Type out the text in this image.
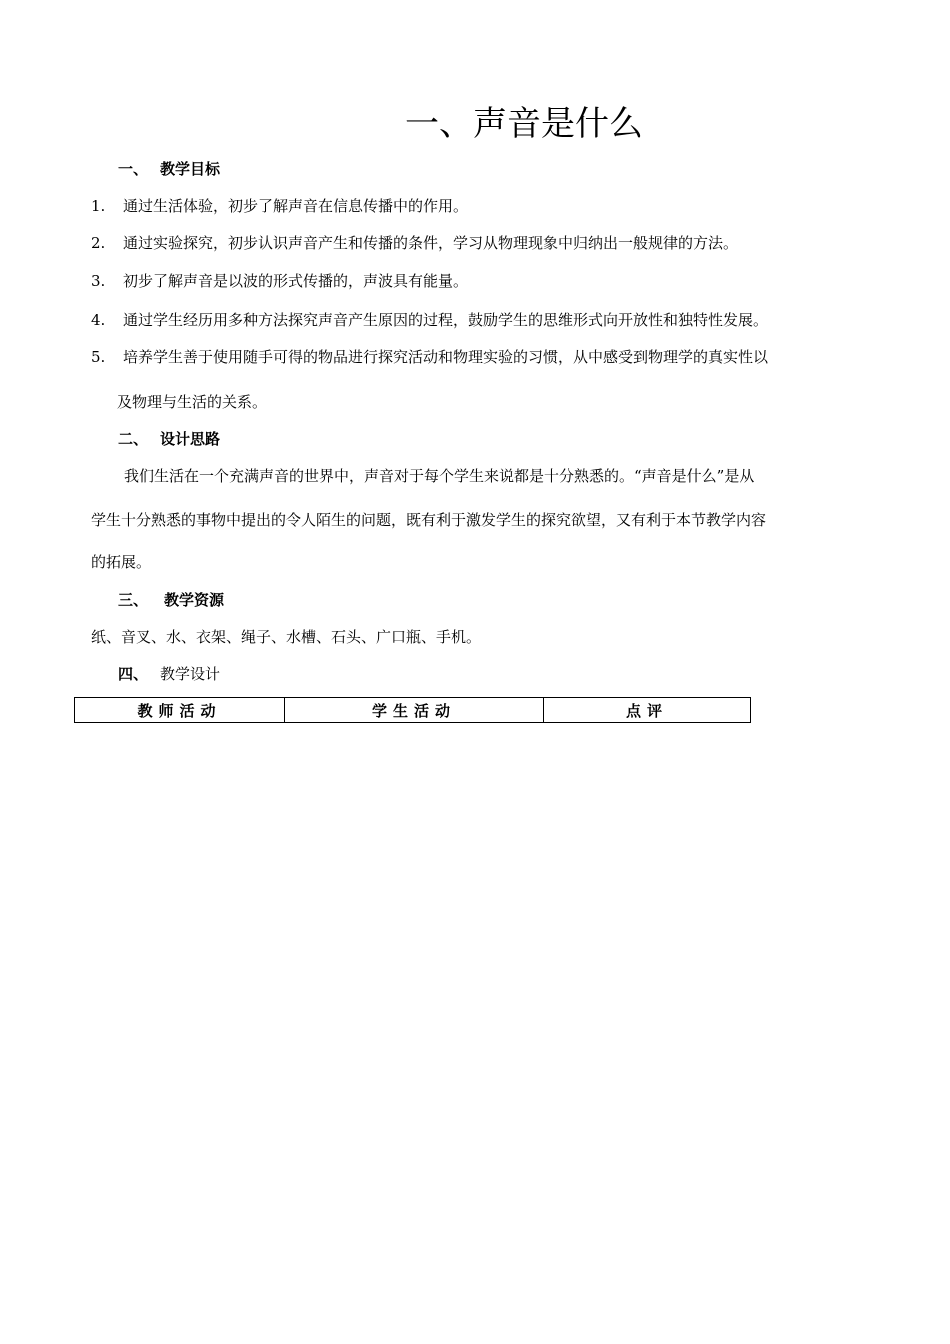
一、声音是什么
一、 教学目标
1. 通过生活体验，初步了解声音在信息传播中的作用。
2. 通过实验探究，初步认识声音产生和传播的条件，学习从物理现象中归纳出一般规律的方法。
3. 初步了解声音是以波的形式传播的，声波具有能量。
4. 通过学生经历用多种方法探究声音产生原因的过程，鼓励学生的思维形式向开放性和独特性发展。
5. 培养学生善于使用随手可得的物品进行探究活动和物理实验的习惯，从中感受到物理学的真实性以
及物理与生活的关系。
二、 设计思路
我们生活在一个充满声音的世界中，声音对于每个学生来说都是十分熟悉的。“声音是什么”是从
学生十分熟悉的事物中提出的令人陌生的问题，既有利于激发学生的探究欲望，又有利于本节教学内容
的拓展。
三、 教学资源
纸、音叉、水、衣架、绳子、水槽、石头、广口瓶、手机。
四、 教学设计
教师活动	学生活动	点评
